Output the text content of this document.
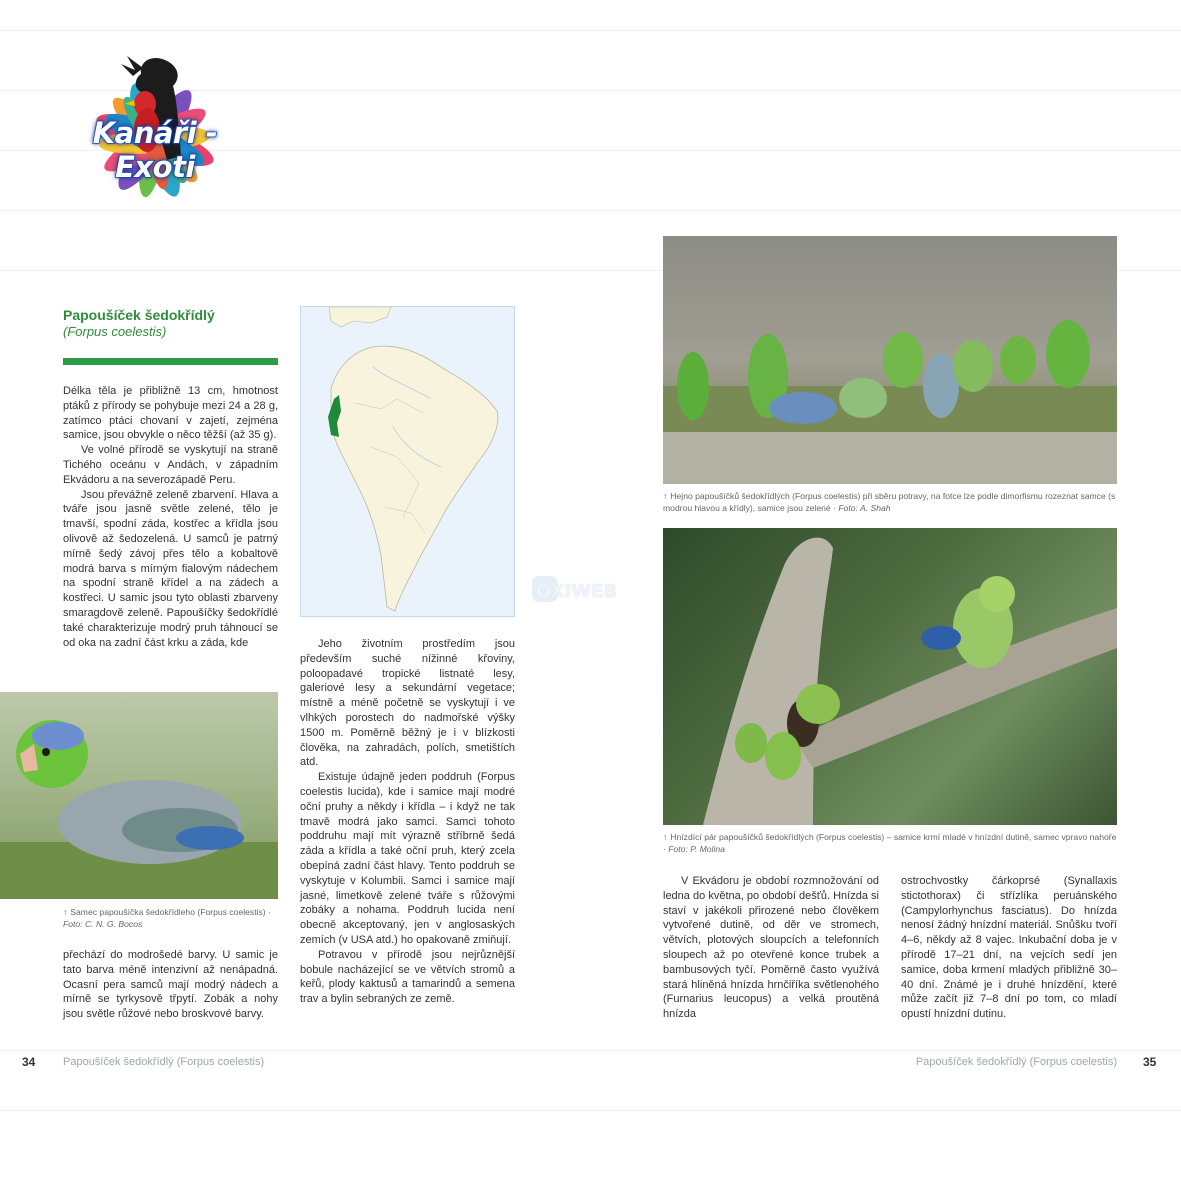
Kanáři - Exoti
Papoušíček šedokřídlý
(Forpus coelestis)

Délka těla je přibližně 13 cm, hmotnost ptáků z přírody se pohybuje mezi 24 a 28 g, zatímco ptáci chovaní v zajetí, zejména samice, jsou obvykle o něco těžší (až 35 g).

Ve volné přírodě se vyskytují na straně Tichého oceánu v Andách, v západním Ekvádoru a na severozápadě Peru.

Jsou převážně zeleně zbarvení. Hlava a tváře jsou jasně světle zelené, tělo je tmavší, spodní záda, kostřec a křídla jsou olivově až šedozelená. U samců je patrný mírně šedý závoj přes tělo a kobaltově modrá barva s mírným fialovým nádechem na spodní straně křídel a na zádech a kostřeci. U samic jsou tyto oblasti zbarveny smaragdově zeleně. Papoušíčky šedokřídlé také charakterizuje modrý pruh táhnoucí se od oka na zadní část krku a záda, kde

↑ Samec papoušíčka šedokřídleho (Forpus coelestis) · Foto: C. N. G. Bocos

přechází do modrošedé barvy. U samic je tato barva méně intenzivní až nenápadná. Ocasní pera samců mají modrý nádech a mírně se tyrkysově třpytí. Zobák a nohy jsou světle růžové nebo broskvové barvy.

Jeho životním prostředím jsou především suché nížinné křoviny, poloopadavé tropické listnaté lesy, galeriové lesy a sekundární vegetace; místně a méně početně se vyskytují i ve vlhkých porostech do nadmořské výšky 1500 m. Poměrně běžný je i v blízkosti člověka, na zahradách, polích, smetištích atd.

Existuje údajně jeden poddruh (Forpus coelestis lucida), kde i samice mají modré oční pruhy a někdy i křídla – i když ne tak tmavě modrá jako samci. Samci tohoto poddruhu mají mít výrazně stříbrně šedá záda a křídla a také oční pruh, který zcela obepíná zadní část hlavy. Tento poddruh se vyskytuje v Kolumbii. Samci i samice mají jasné, limetkově zelené tváře s růžovými zobáky a nohama. Poddruh lucida není obecně akceptovaný, jen v anglosaských zemích (v USA atd.) ho opakovaně zmiňují.

Potravou v přírodě jsou nejrůznější bobule nacházející se ve větvích stromů a keřů, plody kaktusů a tamarindů a semena trav a bylin sebraných ze země.

OXIWEB
↑ Hejno papoušíčků šedokřídlých (Forpus coelestis) při sběru potravy, na fotce lze podle dimorfismu rozeznat samce (s modrou hlavou a křídly), samice jsou zelené · Foto: A. Shah
↑ Hnízdící pár papoušíčků šedokřídlých (Forpus coelestis) – samice krmí mladé v hnízdní dutině, samec vpravo nahoře · Foto: P. Molina

V Ekvádoru je období rozmnožování od ledna do května, po období dešťů. Hnízda si staví v jakékoli přirozené nebo člověkem vytvořené dutině, od děr ve stromech, větvích, plotových sloupcích a telefonních sloupech až po otevřené konce trubek a bambusových tyčí. Poměrně často využívá stará hliněná hnízda hrnčiříka světlenohého (Furnarius leucopus) a velká proutěná hnízda

ostrochvostky čárkoprsé (Synallaxis stictothorax) či střízlíka peruánského (Campylorhynchus fasciatus). Do hnízda nenosí žádný hnízdní materiál. Snůšku tvoří 4–6, někdy až 8 vajec. Inkubační doba je v přírodě 17–21 dní, na vejcích sedí jen samice, doba krmení mladých přibližně 30–40 dní. Známé je i druhé hnízdění, které může začít již 7–8 dní po tom, co mladí opustí hnízdní dutinu.

34	Papoušíček šedokřídlý (Forpus coelestis)	Papoušíček šedokřídlý (Forpus coelestis) 35
